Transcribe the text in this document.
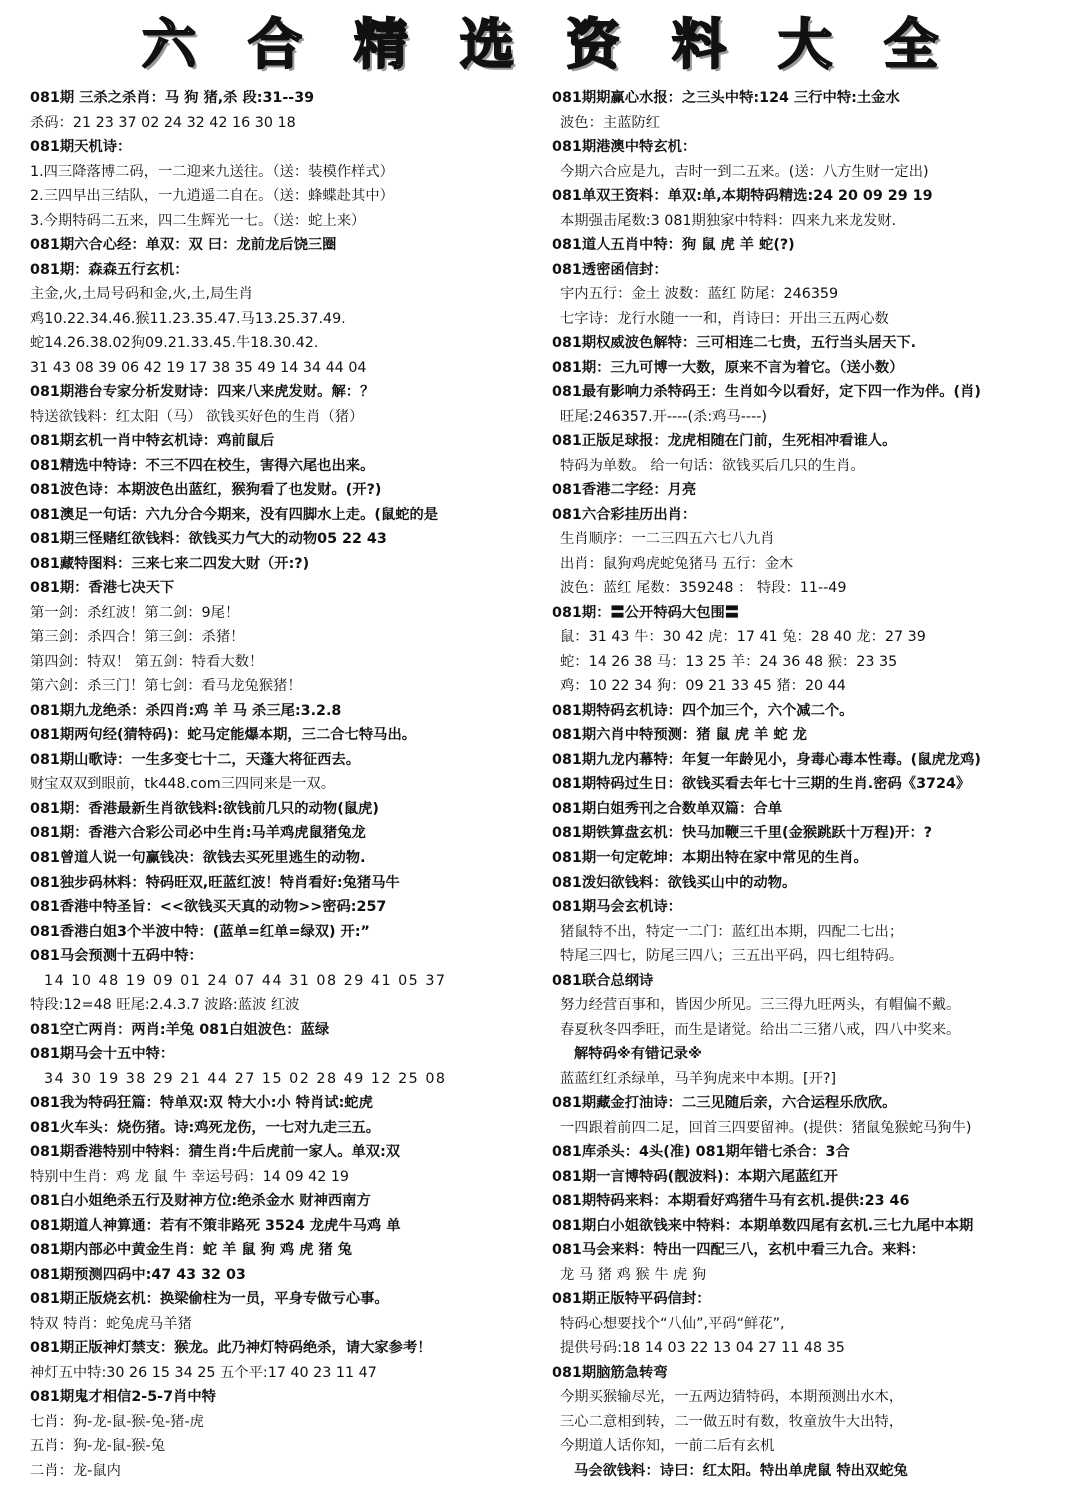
六 合 精 选 资 料 大 全
081期 三杀之杀肖：马 狗 猪,杀 段:31--39
杀码：21 23 37 02 24 32 42 16 30 18
081期天机诗：
1.四三降落博二码，一二迎来九送往。（送：装模作样式）
2.三四早出三结队，一九逍遥二自在。（送：蜂蝶赴其中）
3.今期特码二五来，四二生辉光一七。（送：蛇上来）
081期六合心经：单双：双 曰：龙前龙后饶三圈
081期：森森五行玄机：
主金,火,土局号码和金,火,土,局生肖
鸡10.22.34.46.猴11.23.35.47.马13.25.37.49.
蛇14.26.38.02狗09.21.33.45.牛18.30.42.
31 43 08 39 06 42 19 17 38 35 49 14 34 44 04
081期港台专家分析发财诗：四来八来虎发财。解：？
特送欲钱料：红太阳（马） 欲钱买好色的生肖（猪）
081期玄机一肖中特玄机诗：鸡前鼠后
081精选中特诗：不三不四在校生，害得六尾也出来。
081波色诗：本期波色出蓝红，猴狗看了也发财。(开?)
081澳足一句话：六九分合今期来，没有四脚水上走。(鼠蛇的是
081期三怪赌红欲钱料：欲钱买力气大的动物05 22 43
081藏特图料：三来七来二四发大财（开:?)
081期：香港七决天下
第一剑：杀红波！第二剑：9尾！
第三剑：杀四合！第三剑：杀猪！
第四剑：特双！ 第五剑：特看大数！
第六剑：杀三门！第七剑：看马龙兔猴猪！
081期九龙绝杀：杀四肖:鸡 羊 马 杀三尾:3.2.8
081期两句经(猜特码)：蛇马定能爆本期，三二合七特马出。
081期山歌诗：一生多变七十二，天蓬大将征西去。
财宝双双到眼前，tk448.com三四同来是一双。
081期：香港最新生肖欲钱料:欲钱前几只的动物(鼠虎)
081期：香港六合彩公司必中生肖:马羊鸡虎鼠猪兔龙
081曾道人说一句赢钱决：欲钱去买死里逃生的动物.
081独步码林料：特码旺双,旺蓝红波！特肖看好:兔猪马牛
081香港中特圣旨：<<欲钱买天真的动物>>密码:257
081香港白姐3个半波中特：(蓝单=红单=绿双) 开:”
081马会预测十五码中特：
14 10 48 19 09 01 24 07 44 31 08 29 41 05 37
特段:12=48 旺尾:2.4.3.7 波路:蓝波 红波
081空亡两肖：两肖:羊兔 081白姐波色：蓝绿
081期马会十五中特：
34 30 19 38 29 21 44 27 15 02 28 49 12 25 08
081我为特码狂篇：特单双:双 特大小:小 特肖试:蛇虎
081火车头：烧伤猪。诗:鸡死龙伤，一七对九走三五。
081期香港特别中特料：猜生肖:牛后虎前一家人。单双:双
特别中生肖：鸡 龙 鼠 牛 幸运号码：14 09 42 19
081白小姐绝杀五行及财神方位:绝杀金水 财神西南方
081期道人神算通：若有不策非路死 3524 龙虎牛马鸡 单
081期内部必中黄金生肖：蛇 羊 鼠 狗 鸡 虎 猪 兔
081期预测四码中:47 43 32 03
081期正版烧玄机：换梁偷柱为一员，平身专做亏心事。
特双 特肖：蛇兔虎马羊猪
081期正版神灯禁支：猴龙。此乃神灯特码绝杀，请大家参考！
神灯五中特:30 26 15 34 25 五个平:17 40 23 11 47
081期鬼才相信2-5-7肖中特
七肖：狗-龙-鼠-猴-兔-猪-虎
五肖：狗-龙-鼠-猴-兔
二肖：龙-鼠内
081期期赢心水报：之三头中特:124 三行中特:土金水
波色：主蓝防红
081期港澳中特玄机：
今期六合应是九，吉时一到二五来。(送：八方生财一定出)
081单双王资料：单双:单,本期特码精选:24 20 09 29 19
本期强击尾数:3 081期独家中特料：四来九来龙发财.
081道人五肖中特：狗 鼠 虎 羊 蛇(?)
081透密函信封：
宇内五行：金土 波数：蓝红 防尾：246359
七字诗：龙行水随一一和，肖诗曰：开出三五两心数
081期权威波色解特：三可相连二七贵，五行当头居天下.
081期：三九可博一大数，原来不言为着它。（送小数）
081最有影响力杀特码王：生肖如今以看好，定下四一作为伴。(肖)
旺尾:246357.开----(杀:鸡马----)
081正版足球报：龙虎相随在门前，生死相冲看谁人。
特码为单数。 给一句话：欲钱买后几只的生肖。
081香港二字经：月亮
081六合彩挂历出肖：
生肖顺序：一二三四五六七八九肖
出肖：鼠狗鸡虎蛇兔猪马 五行：金木
波色：蓝红 尾数：359248 ： 特段：11--49
081期：〓公开特码大包围〓
鼠：31 43 牛：30 42 虎：17 41 兔：28 40 龙：27 39
蛇：14 26 38 马：13 25 羊：24 36 48 猴：23 35
鸡：10 22 34 狗：09 21 33 45 猪：20 44
081期特码玄机诗：四个加三个，六个减二个。
081期六肖中特预测：猪 鼠 虎 羊 蛇 龙
081期九龙内幕特：年复一年龄见小，身毒心毒本性毒。(鼠虎龙鸡)
081期特码过生日：欲钱买看去年七十三期的生肖.密码《3724》
081期白姐秀刊之合数单双篇：合单
081期铁算盘玄机：快马加鞭三千里(金猴跳跃十万程)开：?
081期一句定乾坤：本期出特在家中常见的生肖。
081泼妇欲钱料：欲钱买山中的动物。
081期马会玄机诗：
猪鼠特不出，特定一二门：蓝红出本期，四配二七出；
特尾三四七，防尾三四八；三五出平码，四七组特码。
081联合总纲诗
努力经营百事和，皆因少所见。三三得九旺两头，有帽偏不戴。
春夏秋冬四季旺，而生是诸觉。给出二三猪八戒，四八中奖来。
解特码※有错记录※
蓝蓝红红杀绿单，马羊狗虎来中本期。[开?]
081期藏金打油诗：二三见随后亲，六合运程乐欣欣。
一四跟着前四二足，回首三四要留神。(提供：猪鼠兔猴蛇马狗牛)
081库杀头：4头(准) 081期年错七杀合：3合
081期一言博特码(靓波料)：本期六尾蓝红开
081期特码来料：本期看好鸡猪牛马有玄机.提供:23 46
081期白小姐欲钱来中特料：本期单数四尾有玄机.三七九尾中本期
081马会来料：特出一四配三八，玄机中看三九合。来料：
龙 马 猪 鸡 猴 牛 虎 狗
081期正版特平码信封：
特码心想要找个“八仙”,平码“鲜花”,
提供号码:18 14 03 22 13 04 27 11 48 35
081期脑筋急转弯
今期买猴输尽光，一五两边猜特码，本期预测出水木，
三心二意相到转，二一做五时有数，牧童放牛大出特，
今期道人话你知，一前二后有玄机
马会欲钱料：诗曰：红太阳。特出单虎鼠 特出双蛇兔
